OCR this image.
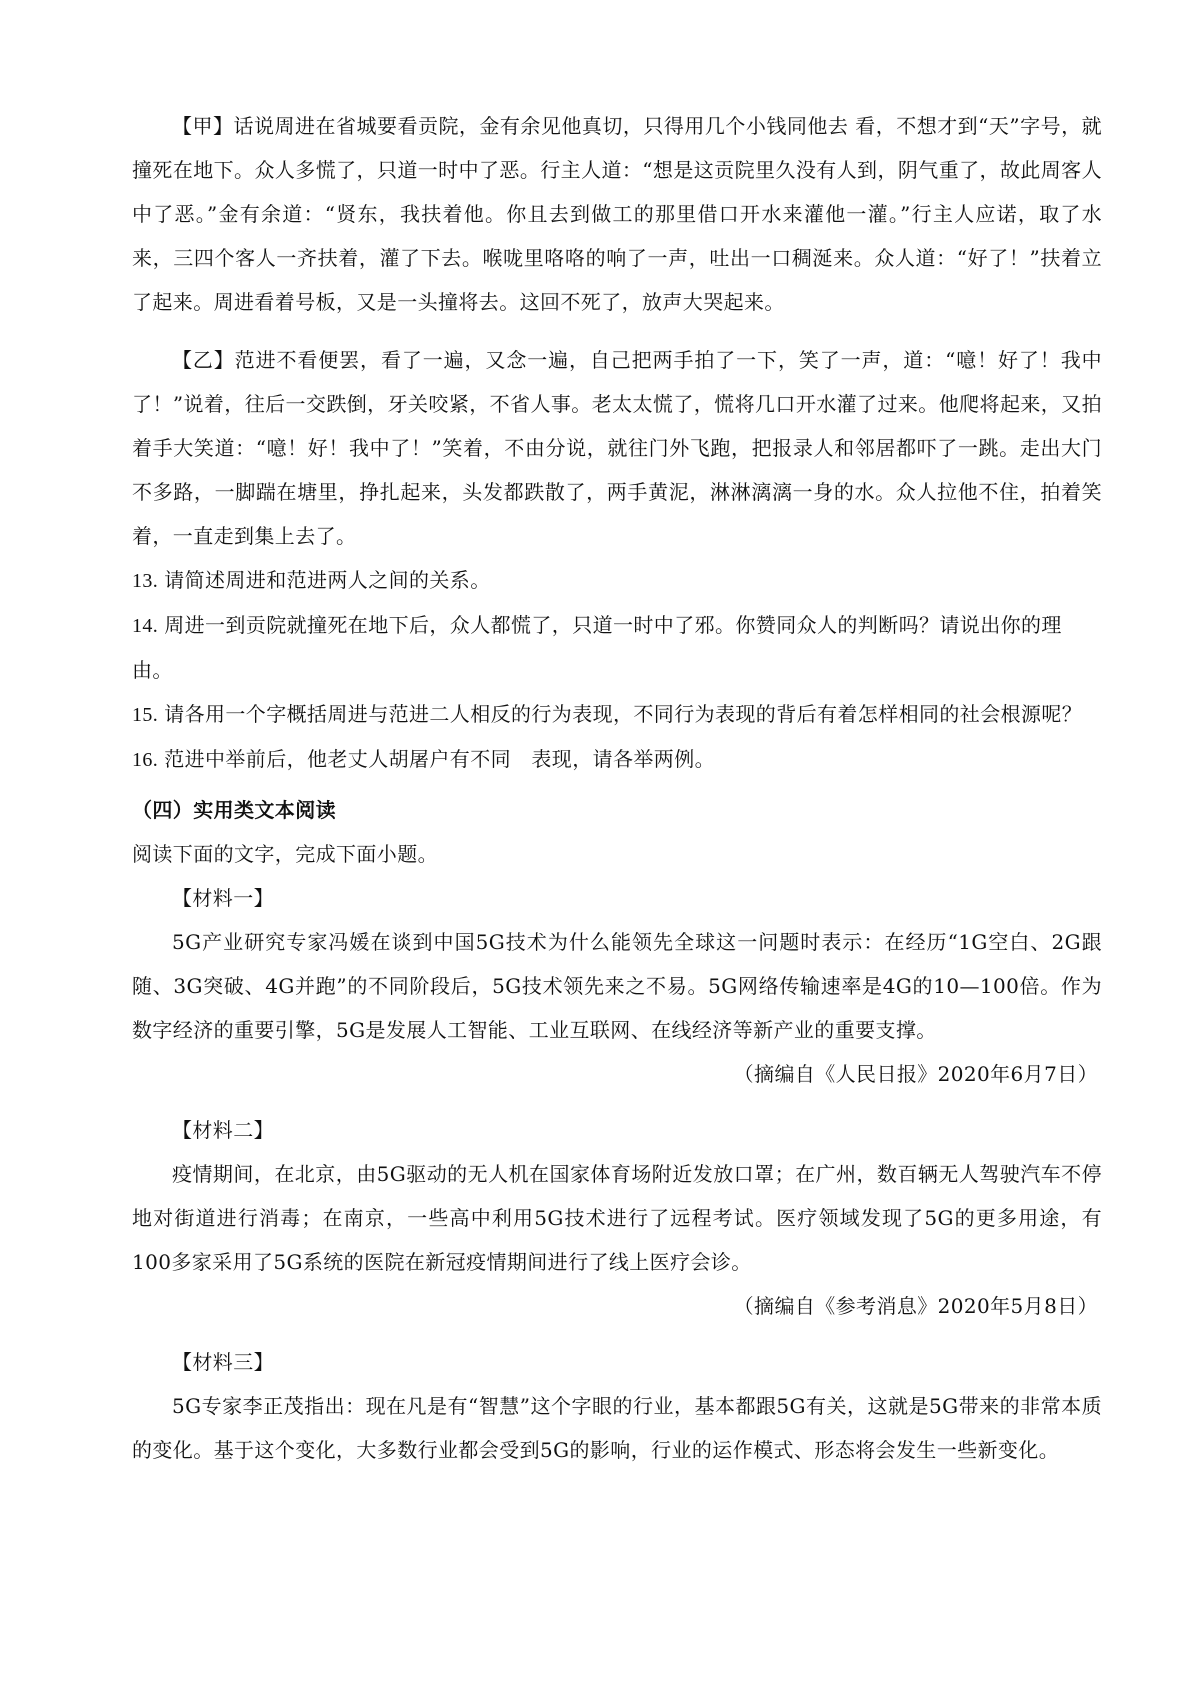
【甲】话说周进在省城要看贡院，金有余见他真切，只得用几个小钱同他去 看，不想才到“天”字号，就撞死在地下。众人多慌了，只道一时中了恶。行主人道：“想是这贡院里久没有人到，阴气重了，故此周客人中了恶。”金有余道：“贤东，我扶着他。你且去到做工的那里借口开水来灌他一灌。”行主人应诺，取了水来，三四个客人一齐扶着，灌了下去。喉咙里咯咯的响了一声，吐出一口稠涎来。众人道：“好了！”扶着立了起来。周进看着号板，又是一头撞将去。这回不死了，放声大哭起来。

【乙】范进不看便罢，看了一遍，又念一遍，自己把两手拍了一下，笑了一声，道：“噫！好了！我中了！”说着，往后一交跌倒，牙关咬紧，不省人事。老太太慌了，慌将几口开水灌了过来。他爬将起来，又拍着手大笑道：“噫！好！我中了！”笑着，不由分说，就往门外飞跑，把报录人和邻居都吓了一跳。走出大门不多路，一脚踹在塘里，挣扎起来，头发都跌散了，两手黄泥，淋淋漓漓一身的水。众人拉他不住，拍着笑着，一直走到集上去了。

13. 请简述周进和范进两人之间的关系。

14. 周进一到贡院就撞死在地下后，众人都慌了，只道一时中了邪。你赞同众人的判断吗？请说出你的理由。

15. 请各用一个字概括周进与范进二人相反的行为表现，不同行为表现的背后有着怎样相同的社会根源呢？

16. 范进中举前后，他老丈人胡屠户有不同　表现，请各举两例。

（四）实用类文本阅读

阅读下面的文字，完成下面小题。

【材料一】

5G产业研究专家冯媛在谈到中国5G技术为什么能领先全球这一问题时表示：在经历“1G空白、2G跟随、3G突破、4G并跑”的不同阶段后，5G技术领先来之不易。5G网络传输速率是4G的10—100倍。作为数字经济的重要引擎，5G是发展人工智能、工业互联网、在线经济等新产业的重要支撑。

（摘编自《人民日报》2020年6月7日）

【材料二】

疫情期间，在北京，由5G驱动的无人机在国家体育场附近发放口罩；在广州，数百辆无人驾驶汽车不停地对街道进行消毒；在南京，一些高中利用5G技术进行了远程考试。医疗领域发现了5G的更多用途，有100多家采用了5G系统的医院在新冠疫情期间进行了线上医疗会诊。

（摘编自《参考消息》2020年5月8日）

【材料三】

5G专家李正茂指出：现在凡是有“智慧”这个字眼的行业，基本都跟5G有关，这就是5G带来的非常本质的变化。基于这个变化，大多数行业都会受到5G的影响，行业的运作模式、形态将会发生一些新变化。
